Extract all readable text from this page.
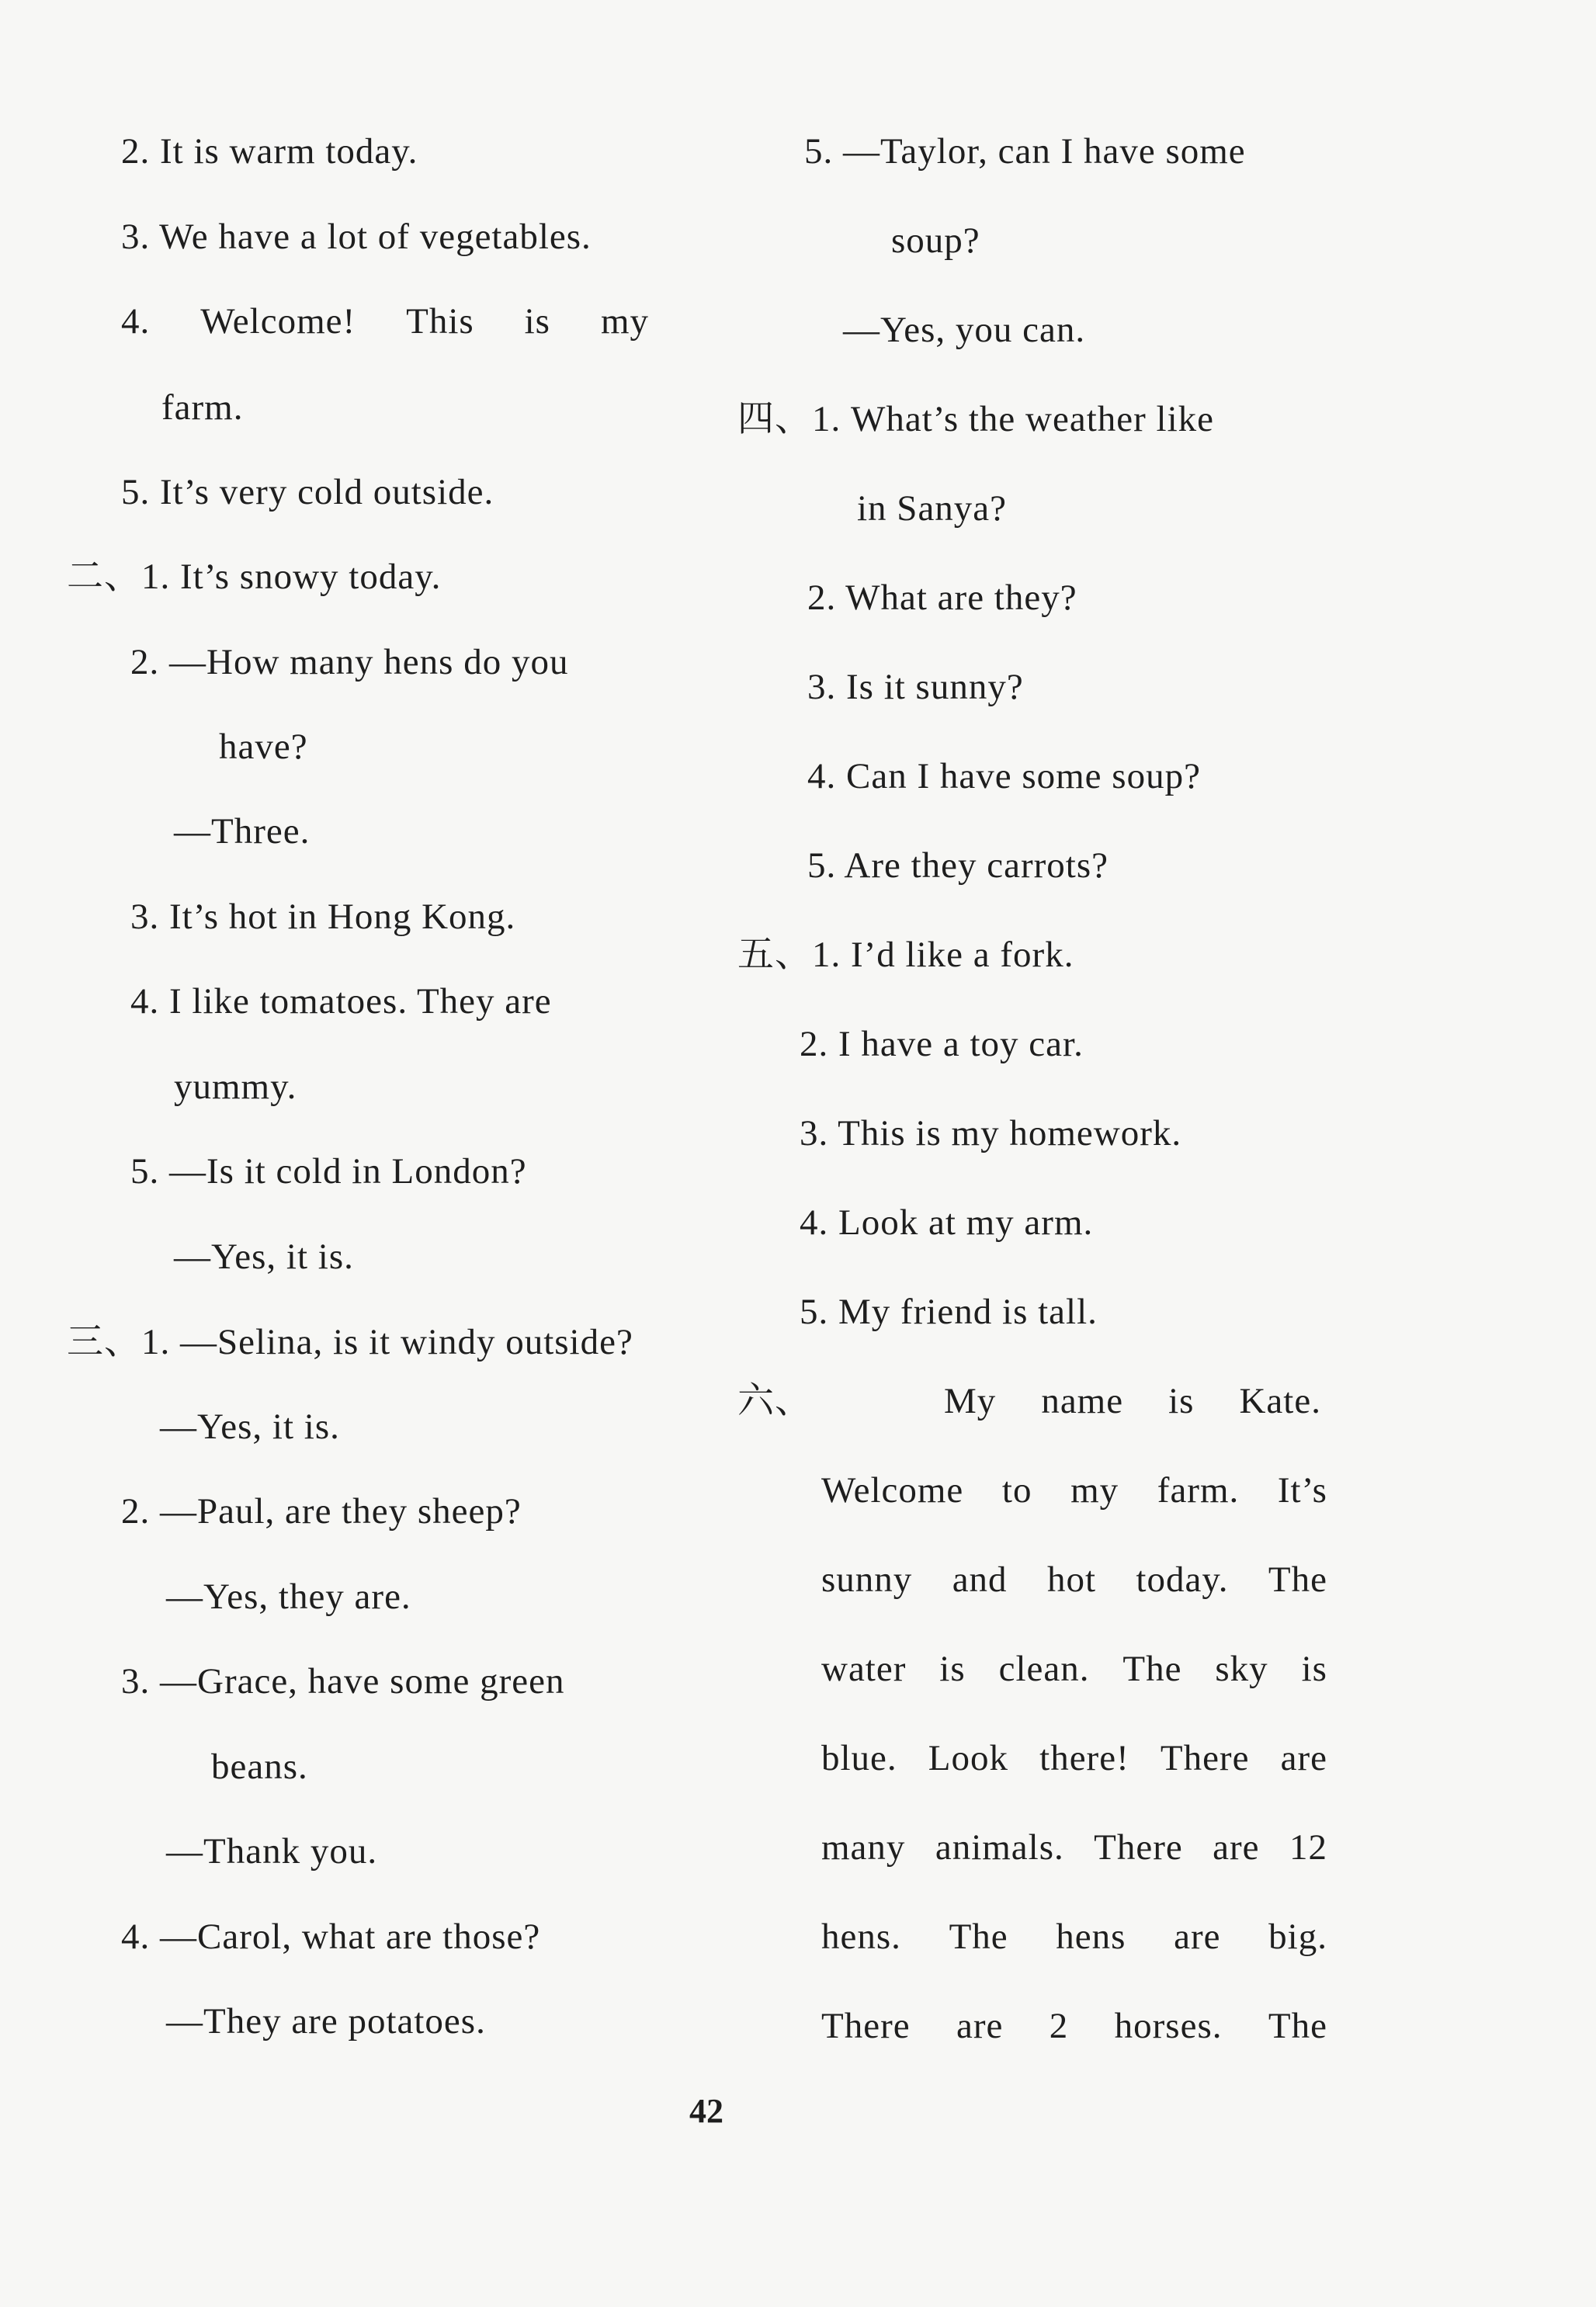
2. It is warm today.
3. We have a lot of vegetables.
4. Welcome! This is my
farm.
5. It’s very cold outside.
二、1. It’s snowy today.
2. —How many hens do you
have?
—Three.
3. It’s hot in Hong Kong.
4. I like tomatoes. They are
yummy.
5. —Is it cold in London?
—Yes, it is.
三、1. —Selina, is it windy outside?
—Yes, it is.
2. —Paul, are they sheep?
—Yes, they are.
3. —Grace, have some green
beans.
—Thank you.
4. —Carol, what are those?
—They are potatoes.
5. —Taylor, can I have some
soup?
—Yes, you can.
四、1. What’s the weather like
in Sanya?
2. What are they?
3. Is it sunny?
4. Can I have some soup?
5. Are they carrots?
五、1. I’d like a fork.
2. I have a toy car.
3. This is my homework.
4. Look at my arm.
5. My friend is tall.
六、	My name is Kate.
Welcome to my farm. It’s
sunny and hot today. The
water is clean. The sky is
blue. Look there! There are
many animals. There are 12
hens. The hens are big.
There are 2 horses. The
42
